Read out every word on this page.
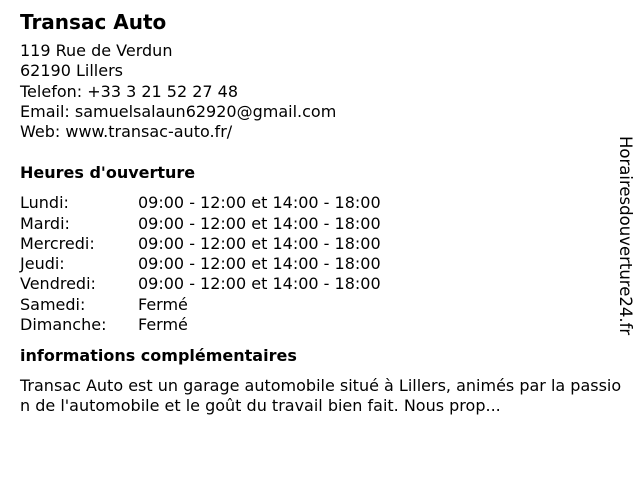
Transac Auto
119 Rue de Verdun
62190 Lillers
Telefon: +33 3 21 52 27 48
Email: samuelsalaun62920@gmail.com
Web: www.transac-auto.fr/
Heures d'ouverture
Lundi:	09:00 - 12:00 et 14:00 - 18:00
Mardi:	09:00 - 12:00 et 14:00 - 18:00
Mercredi:	09:00 - 12:00 et 14:00 - 18:00
Jeudi:	09:00 - 12:00 et 14:00 - 18:00
Vendredi:	09:00 - 12:00 et 14:00 - 18:00
Samedi:	Fermé
Dimanche:	Fermé
informations complémentaires
Transac Auto est un garage automobile situé à Lillers, animés par la passion de l'automobile et le goût du travail bien fait. Nous prop...
Horairesdouverture24.fr
